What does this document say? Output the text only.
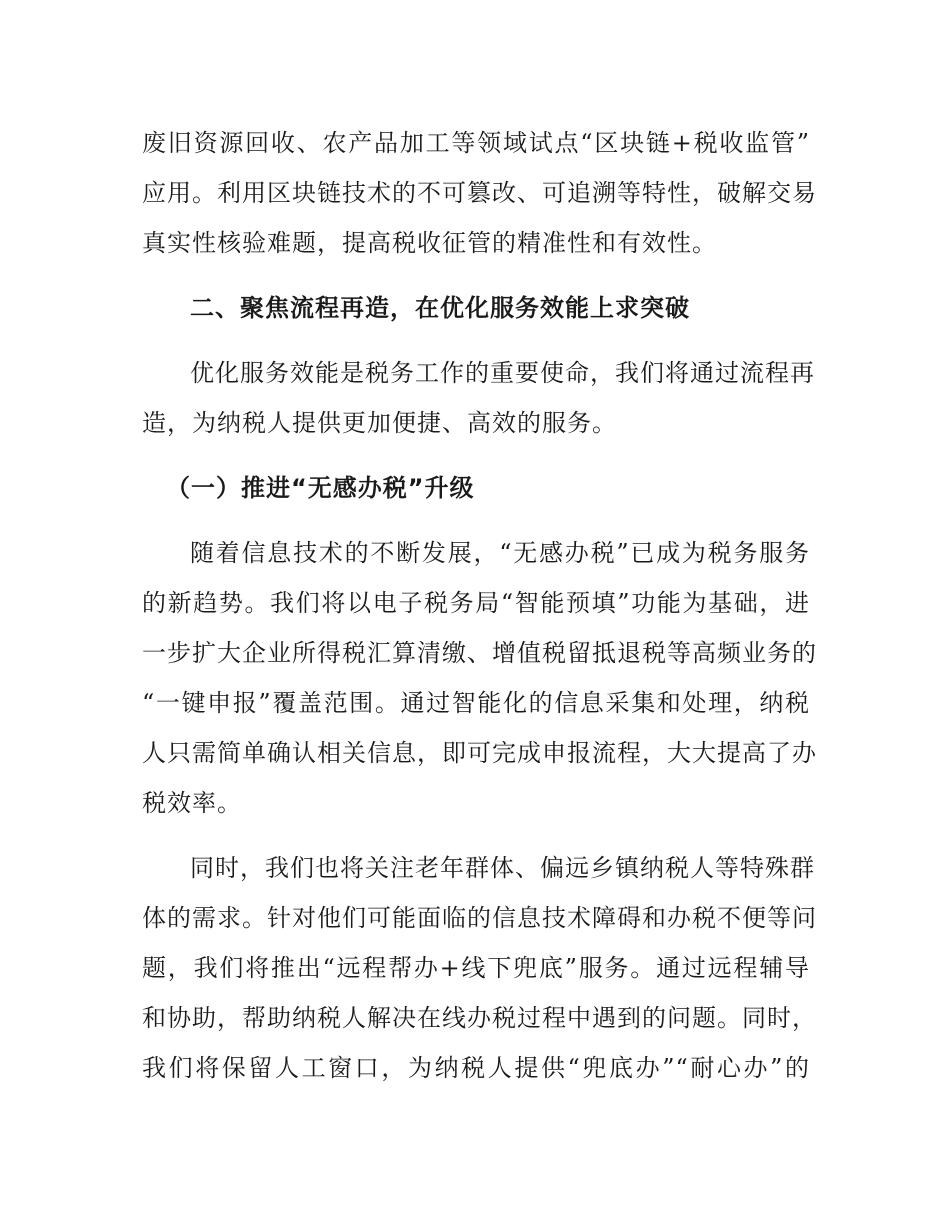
废旧资源回收、农产品加工等领域试点“区块链+税收监管”
应用。利用区块链技术的不可篡改、可追溯等特性，破解交易
真实性核验难题，提高税收征管的精准性和有效性。
二、聚焦流程再造，在优化服务效能上求突破
优化服务效能是税务工作的重要使命，我们将通过流程再
造，为纳税人提供更加便捷、高效的服务。
（一）推进“无感办税”升级
随着信息技术的不断发展，“无感办税”已成为税务服务
的新趋势。我们将以电子税务局“智能预填”功能为基础，进
一步扩大企业所得税汇算清缴、增值税留抵退税等高频业务的
“一键申报”覆盖范围。通过智能化的信息采集和处理，纳税
人只需简单确认相关信息，即可完成申报流程，大大提高了办
税效率。
同时，我们也将关注老年群体、偏远乡镇纳税人等特殊群
体的需求。针对他们可能面临的信息技术障碍和办税不便等问
题，我们将推出“远程帮办+线下兜底”服务。通过远程辅导
和协助，帮助纳税人解决在线办税过程中遇到的问题。同时，
我们将保留人工窗口，为纳税人提供“兜底办”“耐心办”的
